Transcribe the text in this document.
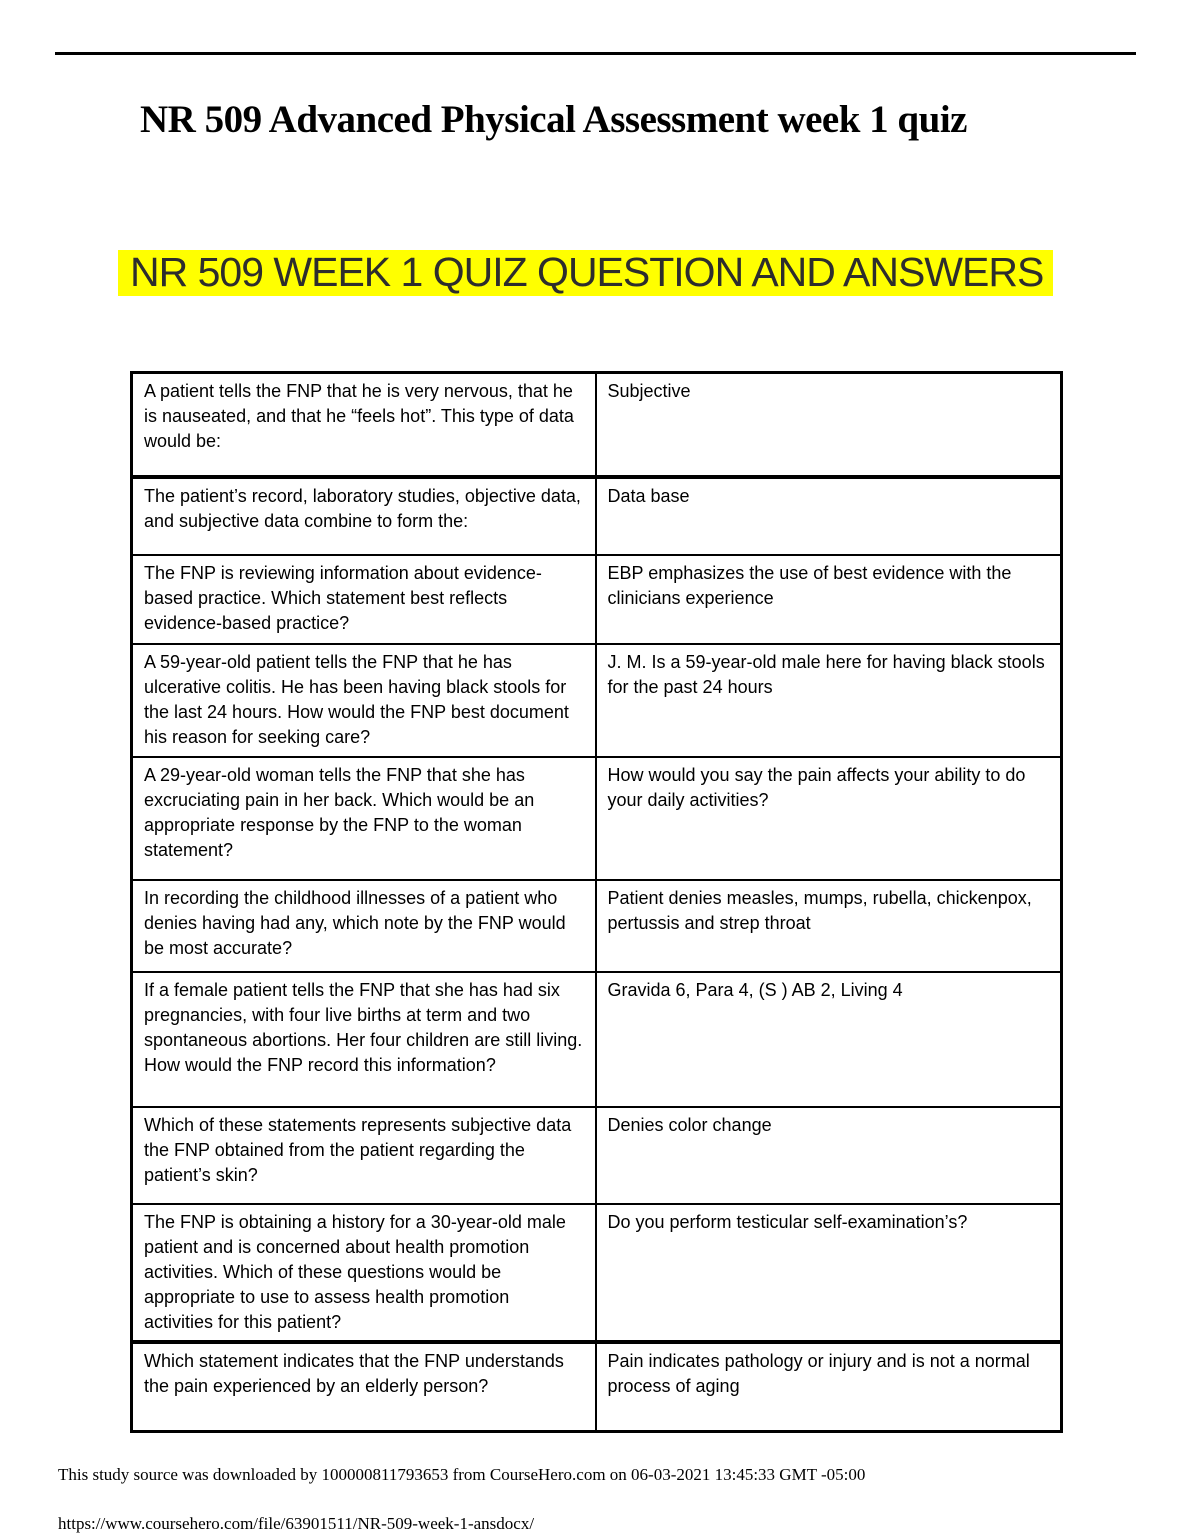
NR 509 Advanced Physical Assessment week 1 quiz
NR 509 WEEK 1 QUIZ QUESTION AND ANSWERS
A patient tells the FNP that he is very nervous, that he is nauseated, and that he “feels hot”. This type of data would be:	Subjective
The patient’s record, laboratory studies, objective data, and subjective data combine to form the:	Data base
The FNP is reviewing information about evidence-based practice. Which statement best reflects evidence-based practice?	EBP emphasizes the use of best evidence with the clinicians experience
A 59-year-old patient tells the FNP that he has ulcerative colitis. He has been having black stools for the last 24 hours. How would the FNP best document his reason for seeking care?	J. M. Is a 59-year-old male here for having black stools for the past 24 hours
A 29-year-old woman tells the FNP that she has excruciating pain in her back. Which would be an appropriate response by the FNP to the woman statement?	How would you say the pain affects your ability to do your daily activities?
In recording the childhood illnesses of a patient who denies having had any, which note by the FNP would be most accurate?	Patient denies measles, mumps, rubella, chickenpox, pertussis and strep throat
If a female patient tells the FNP that she has had six pregnancies, with four live births at term and two spontaneous abortions. Her four children are still living. How would the FNP record this information?	Gravida 6, Para 4, (S ) AB 2, Living 4
Which of these statements represents subjective data the FNP obtained from the patient regarding the patient’s skin?	Denies color change
The FNP is obtaining a history for a 30-year-old male patient and is concerned about health promotion activities. Which of these questions would be appropriate to use to assess health promotion activities for this patient?	Do you perform testicular self-examination’s?
Which statement indicates that the FNP understands the pain experienced by an elderly person?	Pain indicates pathology or injury and is not a normal process of aging
This study source was downloaded by 100000811793653 from CourseHero.com on 06-03-2021 13:45:33 GMT -05:00
https://www.coursehero.com/file/63901511/NR-509-week-1-ansdocx/
